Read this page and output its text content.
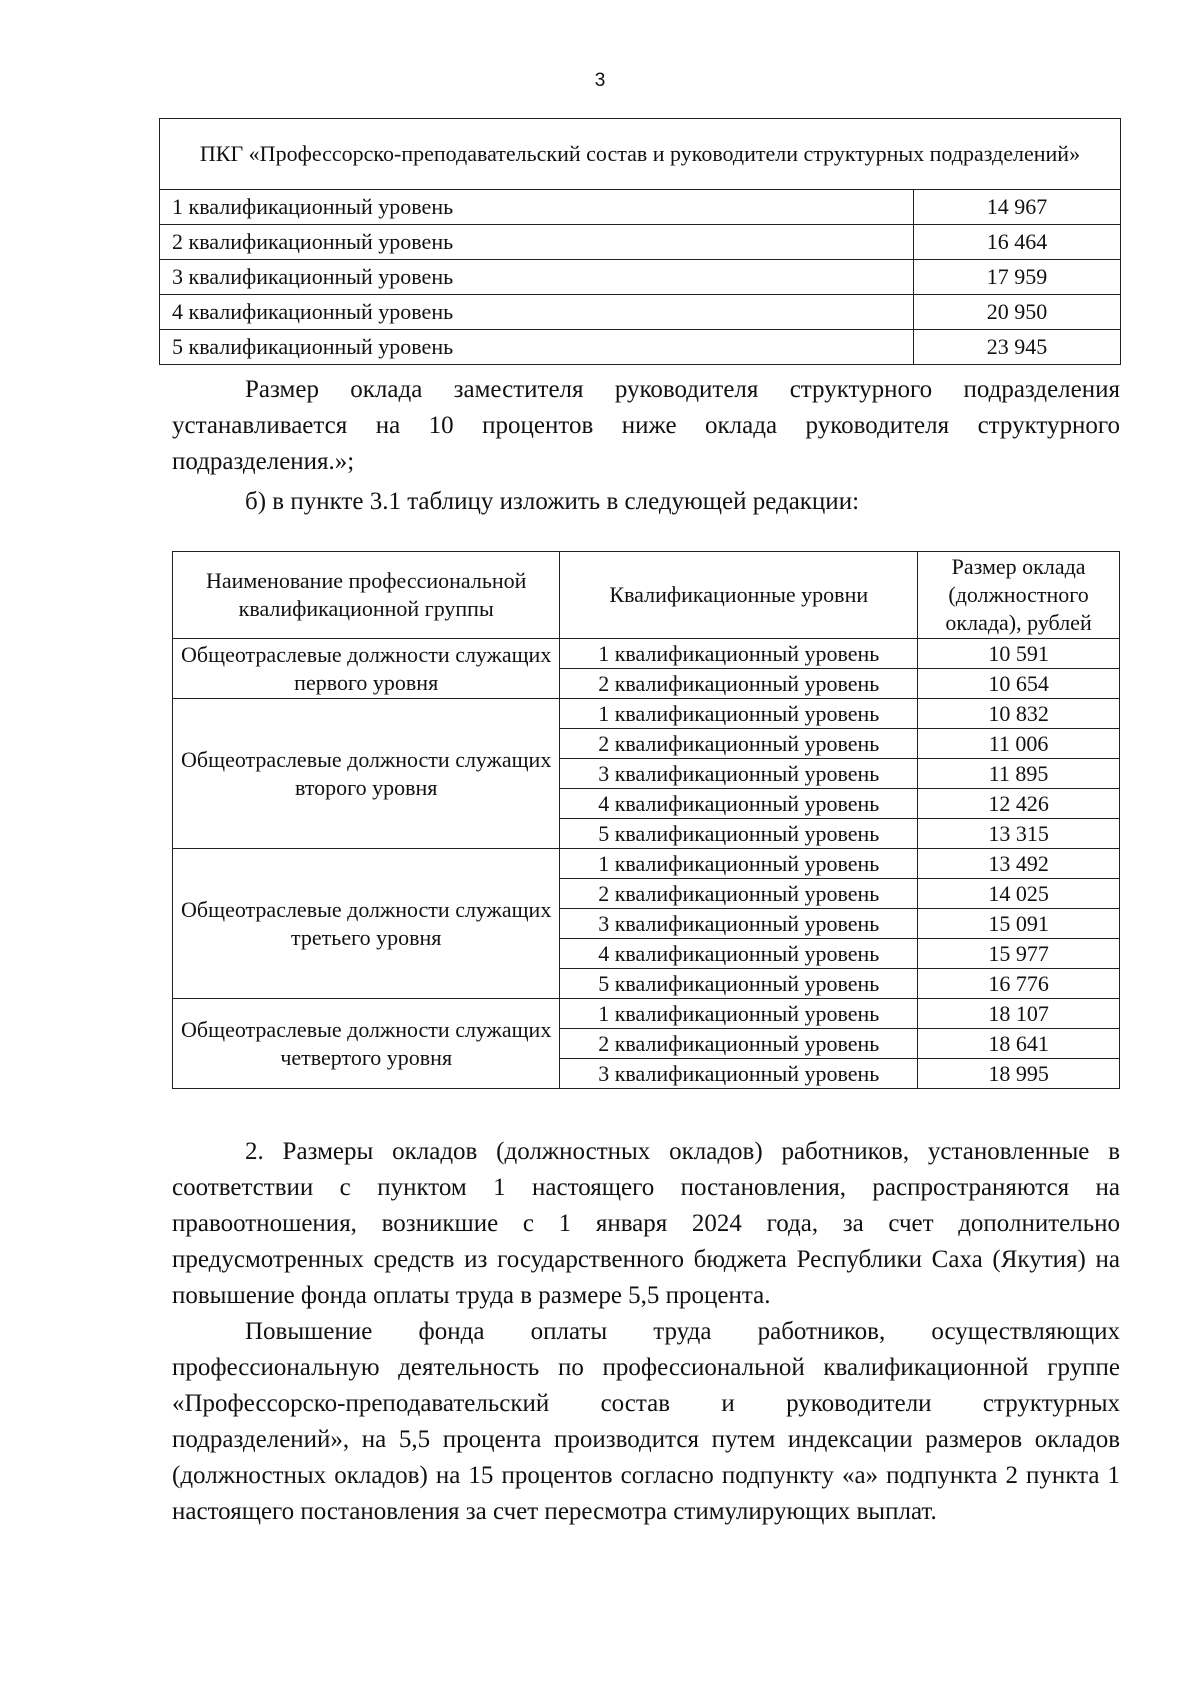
3
ПКГ «Профессорско-преподавательский состав и руководители структурных подразделений»	
1 квалификационный уровень	14 967
2 квалификационный уровень	16 464
3 квалификационный уровень	17 959
4 квалификационный уровень	20 950
5 квалификационный уровень	23 945

Размер оклада заместителя руководителя структурного подразделения устанавливается на 10 процентов ниже оклада руководителя структурного подразделения.»;

б) в пункте 3.1 таблицу изложить в следующей редакции:

Наименование профессиональной квалификационной группы	Квалификационные уровни	Размер оклада (должностного оклада), рублей
Общеотраслевые должности служащих первого уровня	1 квалификационный уровень	10 591
	2 квалификационный уровень	10 654
Общеотраслевые должности служащих второго уровня	1 квалификационный уровень	10 832
	2 квалификационный уровень	11 006
	3 квалификационный уровень	11 895
	4 квалификационный уровень	12 426
	5 квалификационный уровень	13 315
Общеотраслевые должности служащих третьего уровня	1 квалификационный уровень	13 492
	2 квалификационный уровень	14 025
	3 квалификационный уровень	15 091
	4 квалификационный уровень	15 977
	5 квалификационный уровень	16 776
Общеотраслевые должности служащих четвертого уровня	1 квалификационный уровень	18 107
	2 квалификационный уровень	18 641
	3 квалификационный уровень	18 995

2. Размеры окладов (должностных окладов) работников, установленные в соответствии с пунктом 1 настоящего постановления, распространяются на правоотношения, возникшие с 1 января 2024 года, за счет дополнительно предусмотренных средств из государственного бюджета Республики Саха (Якутия) на повышение фонда оплаты труда в размере 5,5 процента.

Повышение фонда оплаты труда работников, осуществляющих профессиональную деятельность по профессиональной квалификационной группе «Профессорско-преподавательский состав и руководители структурных подразделений», на 5,5 процента производится путем индексации размеров окладов (должностных окладов) на 15 процентов согласно подпункту «а» подпункта 2 пункта 1 настоящего постановления за счет пересмотра стимулирующих выплат.
